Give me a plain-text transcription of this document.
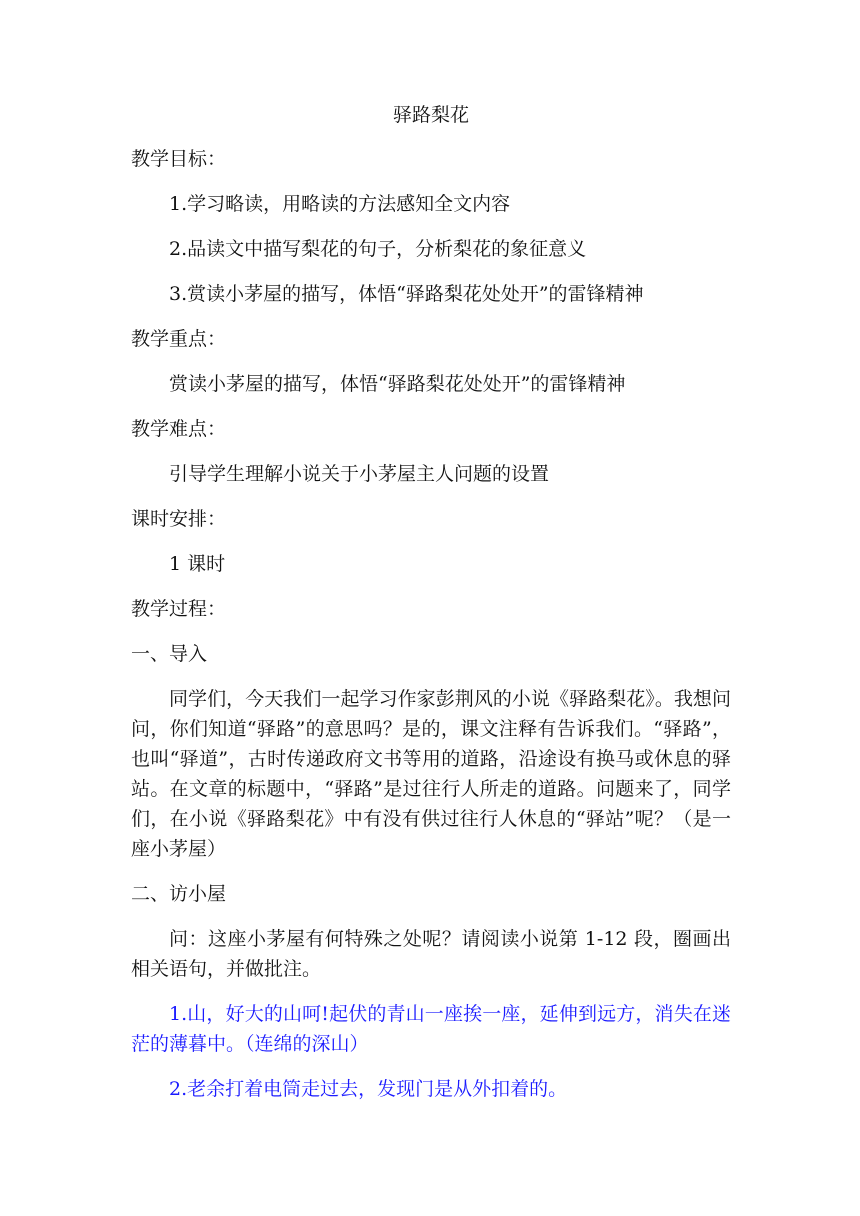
驿路梨花

教学目标：

1.学习略读，用略读的方法感知全文内容

2.品读文中描写梨花的句子，分析梨花的象征意义

3.赏读小茅屋的描写，体悟“驿路梨花处处开”的雷锋精神

教学重点：

赏读小茅屋的描写，体悟“驿路梨花处处开”的雷锋精神

教学难点：

引导学生理解小说关于小茅屋主人问题的设置

课时安排：

1 课时

教学过程：

一、导入

同学们，今天我们一起学习作家彭荆风的小说《驿路梨花》。我想问问，你们知道“驿路”的意思吗？是的，课文注释有告诉我们。“驿路”，也叫“驿道”，古时传递政府文书等用的道路，沿途设有换马或休息的驿站。在文章的标题中，“驿路”是过往行人所走的道路。问题来了，同学们，在小说《驿路梨花》中有没有供过往行人休息的“驿站”呢？（是一座小茅屋）

二、访小屋

问：这座小茅屋有何特殊之处呢？请阅读小说第 1-12 段，圈画出相关语句，并做批注。

1.山，好大的山呵!起伏的青山一座挨一座，延伸到远方，消失在迷茫的薄暮中。（连绵的深山）

2.老余打着电筒走过去，发现门是从外扣着的。
